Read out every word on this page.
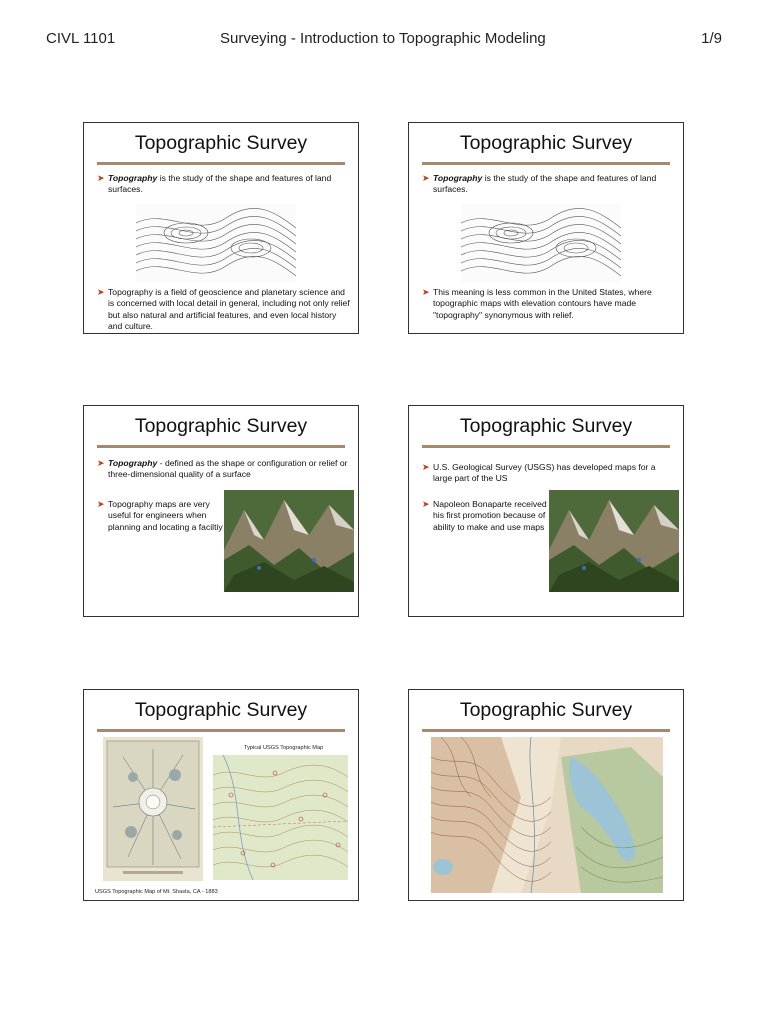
CIVL 1101	Surveying - Introduction to Topographic Modeling	1/9
Topographic Survey
➤ Topography is the study of the shape and features of land surfaces.
➤ Topography is a field of geoscience and planetary science and is concerned with local detail in general, including not only relief but also natural and artificial features, and even local history and culture.
Topographic Survey
➤ Topography is the study of the shape and features of land surfaces.
➤ This meaning is less common in the United States, where topographic maps with elevation contours have made "topography" synonymous with relief.
Topographic Survey
➤ Topography - defined as the shape or configuration or relief or three-dimensional quality of a surface
➤ Topography maps are very useful for engineers when planning and locating a faciltiy
Topographic Survey
➤ U.S. Geological Survey (USGS) has developed maps for a large part of the US
➤ Napoleon Bonaparte received his first promotion because of ability to make and use maps
Topographic Survey
Typical USGS Topographic Map
USGS Topographic Map of Mt. Shasta, CA - 1883
Topographic Survey
